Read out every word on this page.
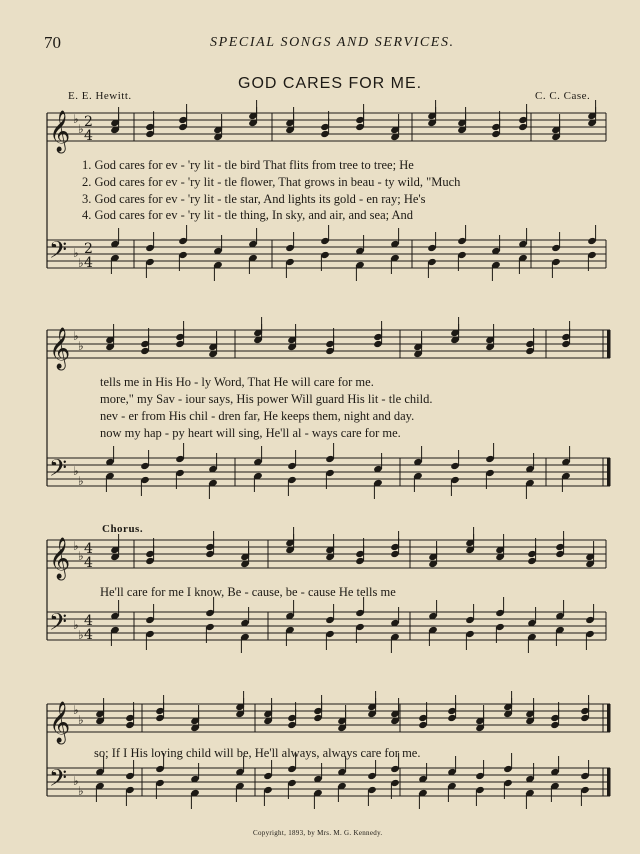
70	SPECIAL SONGS AND SERVICES.
GOD CARES FOR ME.
E. E. Hewitt.	C. C. Case.
𝄞
𝄢
♭
♭
♭
♭
2
4
2
4
𝄞
𝄢
♭
♭
♭
♭
𝄞
𝄢
♭
♭
♭
♭
4
4
4
4
𝄞
𝄢
♭
♭
♭
♭
1. God cares for ev - 'ry lit - tle bird That flits from tree to tree; He
2. God cares for ev - 'ry lit - tle flower, That grows in beau - ty wild, "Much
3. God cares for ev - 'ry lit - tle star, And lights its gold - en ray; He's
4. God cares for ev - 'ry lit - tle thing, In sky, and air, and sea; And
tells me in His Ho - ly Word, That He will care for me.
more," my Sav - iour says, His power Will guard His lit - tle child.
nev - er from His chil - dren far, He keeps them, night and day.
now my hap - py heart will sing, He'll al - ways care for me.
Chorus.
He'll care for me I know, Be - cause, be - cause He tells me
so; If I His loving child will be, He'll always, always care for me.
Copyright, 1893, by Mrs. M. G. Kennedy.
